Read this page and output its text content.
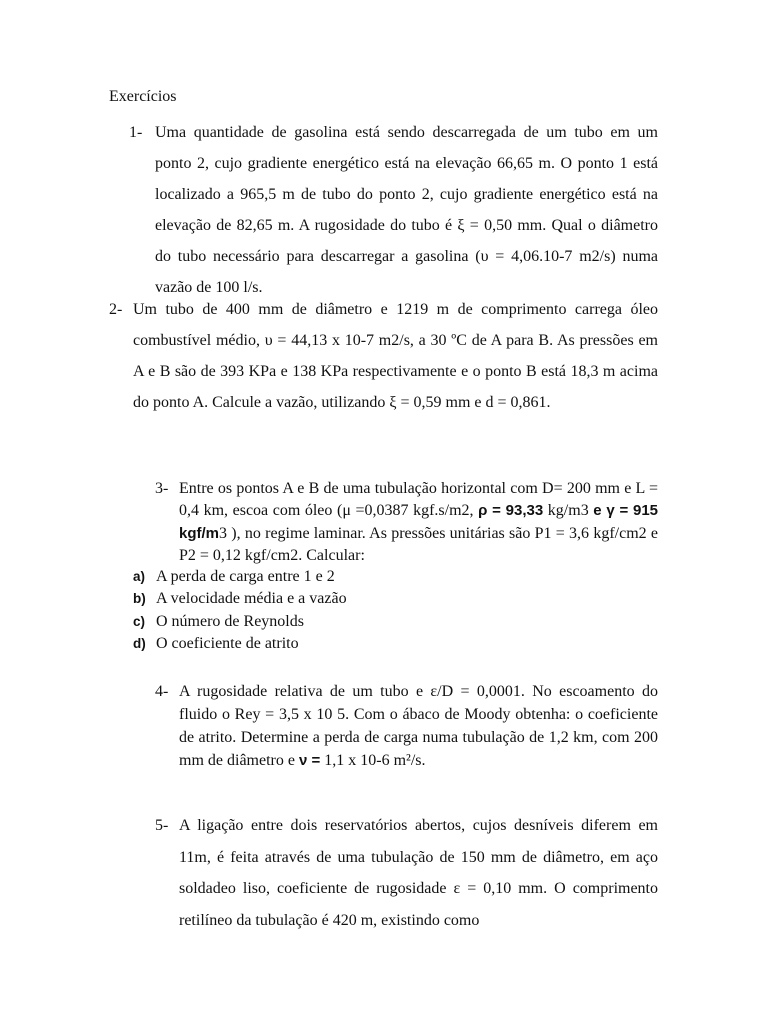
Exercícios
1- Uma quantidade de gasolina está sendo descarregada de um tubo em um ponto 2, cujo gradiente energético está na elevação 66,65 m. O ponto 1 está localizado a 965,5 m de tubo do ponto 2, cujo gradiente energético está na elevação de 82,65 m. A rugosidade do tubo é ξ = 0,50 mm. Qual o diâmetro do tubo necessário para descarregar a gasolina (υ = 4,06.10-7 m2/s) numa vazão de 100 l/s.
2- Um tubo de 400 mm de diâmetro e 1219 m de comprimento carrega óleo combustível médio, υ = 44,13 x 10-7 m2/s, a 30 ºC de A para B. As pressões em A e B são de 393 KPa e 138 KPa respectivamente e o ponto B está 18,3 m acima do ponto A. Calcule a vazão, utilizando ξ = 0,59 mm e d = 0,861.
3- Entre os pontos A e B de uma tubulação horizontal com D= 200 mm e L = 0,4 km, escoa com óleo (μ =0,0387 kgf.s/m2, ρ = 93,33 kg/m3 e γ = 915 kgf/m3 ), no regime laminar. As pressões unitárias são P1 = 3,6 kgf/cm2 e P2 = 0,12 kgf/cm2. Calcular:
a) A perda de carga entre 1 e 2
b) A velocidade média e a vazão
c) O número de Reynolds
d) O coeficiente de atrito
4- A rugosidade relativa de um tubo e ε/D = 0,0001. No escoamento do fluido o Rey = 3,5 x 10 5. Com o ábaco de Moody obtenha: o coeficiente de atrito. Determine a perda de carga numa tubulação de 1,2 km, com 200 mm de diâmetro e ν = 1,1 x 10-6 m²/s.
5- A ligação entre dois reservatórios abertos, cujos desníveis diferem em 11m, é feita através de uma tubulação de 150 mm de diâmetro, em aço soldadeo liso, coeficiente de rugosidade ε = 0,10 mm. O comprimento retilíneo da tubulação é 420 m, existindo como
